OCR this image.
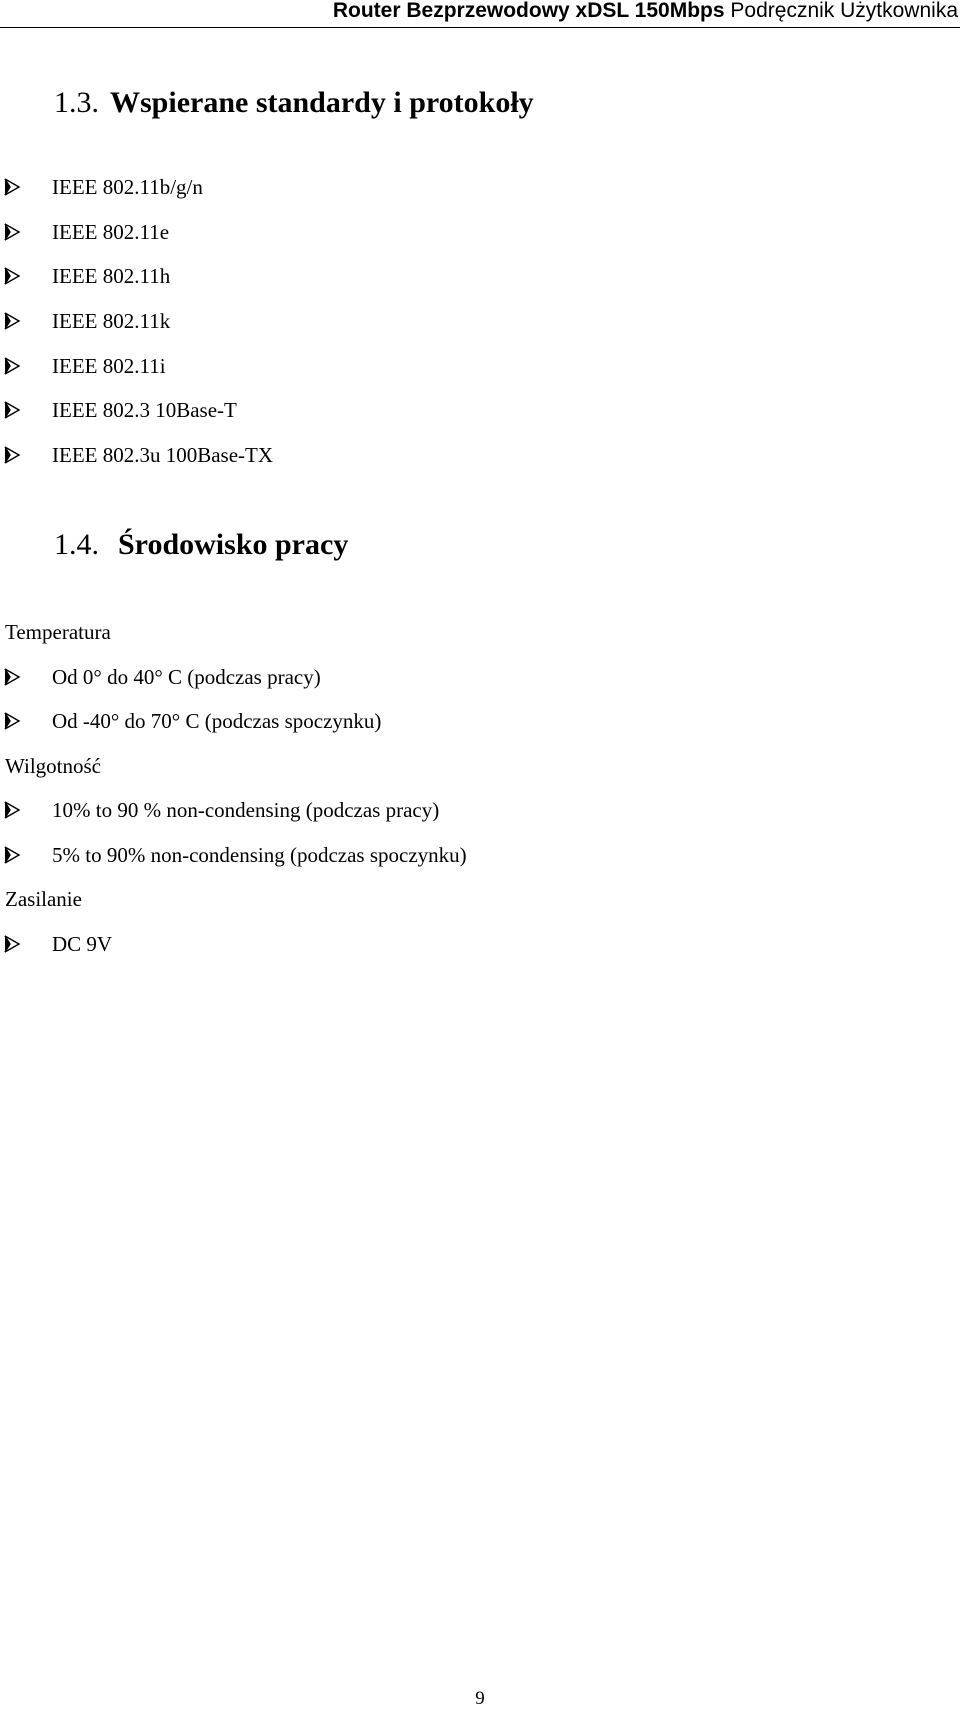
Router Bezprzewodowy xDSL 150Mbps Podręcznik Użytkownika
1.3. Wspierane standardy i protokoły
IEEE 802.11b/g/n
IEEE 802.11e
IEEE 802.11h
IEEE 802.11k
IEEE 802.11i
IEEE 802.3 10Base-T
IEEE 802.3u 100Base-TX
1.4. Środowisko pracy
Temperatura
Od 0° do 40° C (podczas pracy)
Od -40° do 70° C (podczas spoczynku)
Wilgotność
10% to 90 % non-condensing (podczas pracy)
5% to 90% non-condensing (podczas spoczynku)
Zasilanie
DC 9V
9
